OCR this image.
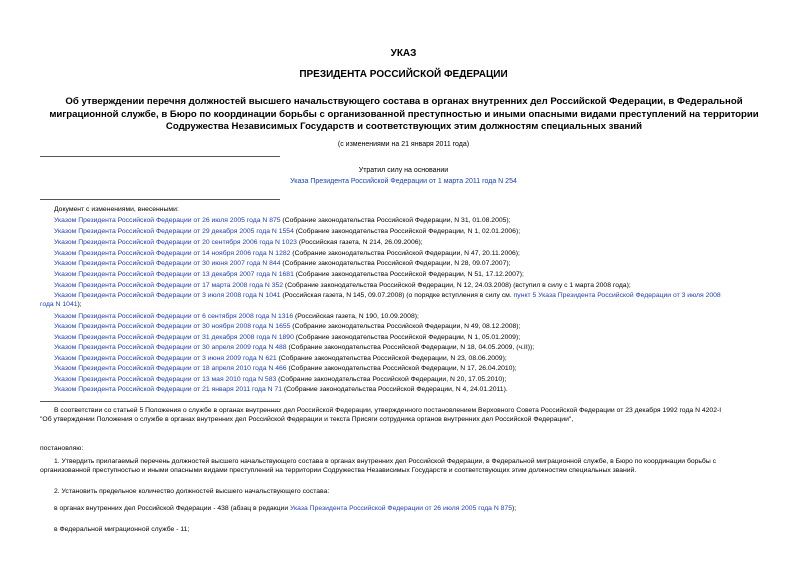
УКАЗ
ПРЕЗИДЕНТА РОССИЙСКОЙ ФЕДЕРАЦИИ
Об утверждении перечня должностей высшего начальствующего состава в органах внутренних дел Российской Федерации, в Федеральной миграционной службе, в Бюро по координации борьбы с организованной преступностью и иными опасными видами преступлений на территории Содружества Независимых Государств и соответствующих этим должностям специальных званий
(с изменениями на 21 января 2011 года)
Утратил силу на основании
Указа Президента Российской Федерации от 1 марта 2011 года N 254
Документ с изменениями, внесенными:
Указом Президента Российской Федерации от 26 июля 2005 года N 875 (Собрание законодательства Российской Федерации, N 31, 01.08.2005);
Указом Президента Российской Федерации от 29 декабря 2005 года N 1554 (Собрание законодательства Российской Федерации, N 1, 02.01.2006);
Указом Президента Российской Федерации от 20 сентября 2006 года N 1023 (Российская газета, N 214, 26.09.2006);
Указом Президента Российской Федерации от 14 ноября 2006 года N 1282 (Собрание законодательства Российской Федерации, N 47, 20.11.2006);
Указом Президента Российской Федерации от 30 июня 2007 года N 844 (Собрание законодательства Российской Федерации, N 28, 09.07.2007);
Указом Президента Российской Федерации от 13 декабря 2007 года N 1681 (Собрание законодательства Российской Федерации, N 51, 17.12.2007);
Указом Президента Российской Федерации от 17 марта 2008 года N 352 (Собрание законодательства Российской Федерации, N 12, 24.03.2008) (вступил в силу с 1 марта 2008 года);
Указом Президента Российской Федерации от 3 июля 2008 года N 1041 (Российская газета, N 145, 09.07.2008) (о порядке вступления в силу см. пункт 5 Указа Президента Российской Федерации от 3 июля 2008
года N 1041);
Указом Президента Российской Федерации от 6 сентября 2008 года N 1316 (Российская газета, N 190, 10.09.2008);
Указом Президента Российской Федерации от 30 ноября 2008 года N 1655 (Собрание законодательства Российской Федерации, N 49, 08.12.2008);
Указом Президента Российской Федерации от 31 декабря 2008 года N 1890 (Собрание законодательства Российской Федерации, N 1, 05.01.2009);
Указом Президента Российской Федерации от 30 апреля 2009 года N 488 (Собрание законодательства Российской Федерации, N 18, 04.05.2009, (ч.II));
Указом Президента Российской Федерации от 3 июня 2009 года N 621 (Собрание законодательства Российской Федерации, N 23, 08.06.2009);
Указом Президента Российской Федерации от 18 апреля 2010 года N 466 (Собрание законодательства Российской Федерации, N 17, 26.04.2010);
Указом Президента Российской Федерации от 13 мая 2010 года N 583 (Собрание законодательства Российской Федерации, N 20, 17.05.2010);
Указом Президента Российской Федерации от 21 января 2011 года N 71 (Собрание законодательства Российской Федерации, N 4, 24.01.2011).
В соответствии со статьей 5 Положения о службе в органах внутренних дел Российской Федерации, утвержденного постановлением Верховного Совета Российской Федерации от 23 декабря 1992 года N 4202-I
"Об утверждении Положения о службе в органах внутренних дел Российской Федерации и текста Присяги сотрудника органов внутренних дел Российской Федерации",
постановляю:
1. Утвердить прилагаемый перечень должностей высшего начальствующего состава в органах внутренних дел Российской Федерации, в Федеральной миграционной службе, в Бюро по координации борьбы с
организованной преступностью и иными опасными видами преступлений на территории Содружества Независимых Государств и соответствующих этим должностям специальных званий.
2. Установить предельное количество должностей высшего начальствующего состава:
в органах внутренних дел Российской Федерации - 438 (абзац в редакции Указа Президента Российской Федерации от 26 июля 2005 года N 875);
в Федеральной миграционной службе - 11;
